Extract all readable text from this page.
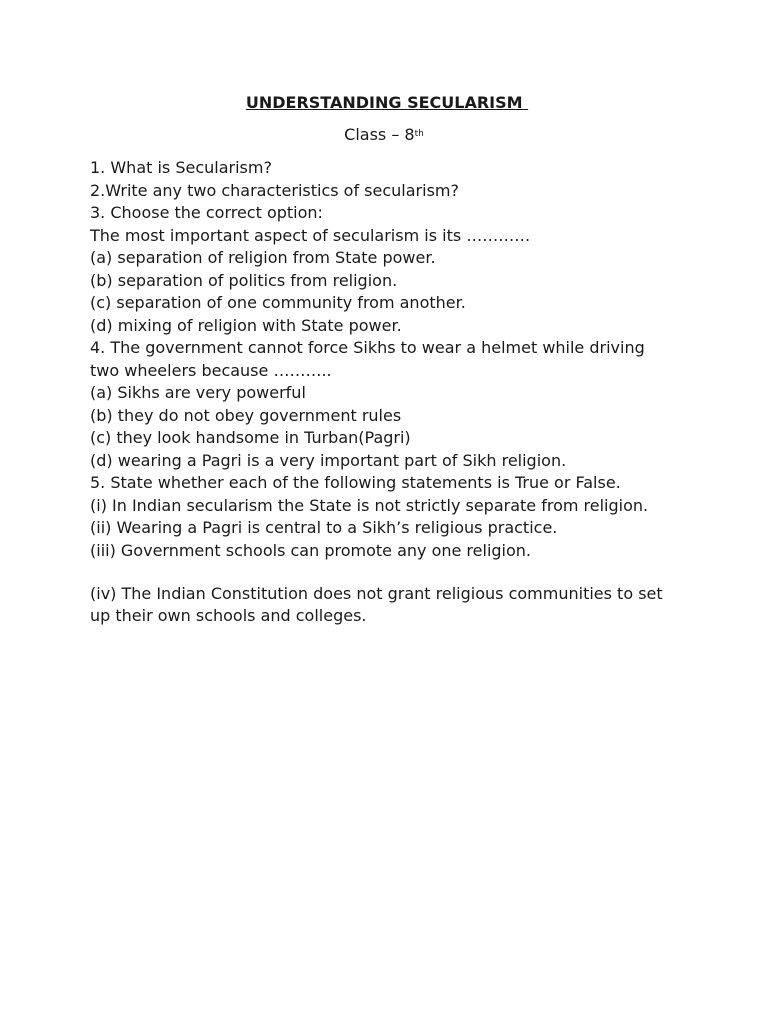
UNDERSTANDING SECULARISM
Class – 8th
1. What is Secularism?
2.Write any two characteristics of secularism?
3. Choose the correct option:
The most important aspect of secularism is its …………
(a) separation of religion from State power.
(b) separation of politics from religion.
(c) separation of one community from another.
(d) mixing of religion with State power.
4. The government cannot force Sikhs to wear a helmet while driving two wheelers because ………..
(a) Sikhs are very powerful
(b) they do not obey government rules
(c) they look handsome in Turban(Pagri)
(d) wearing a Pagri is a very important part of Sikh religion.
5. State whether each of the following statements is True or False.
(i) In Indian secularism the State is not strictly separate from religion.
(ii) Wearing a Pagri is central to a Sikh’s religious practice.
(iii) Government schools can promote any one religion.
(iv) The Indian Constitution does not grant religious communities to set up their own schools and colleges.
